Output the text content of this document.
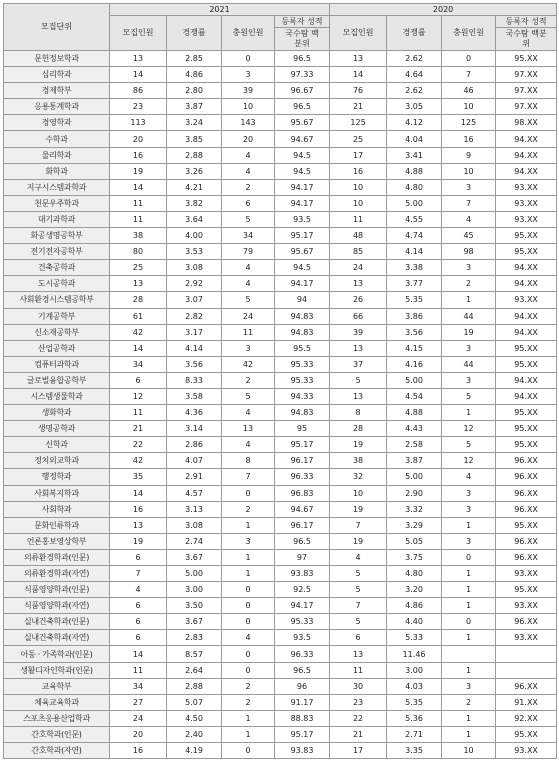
모집단위	2021				2020			
	모집인원	경쟁률	충원인원	등록자 성적	모집인원	경쟁률	충원인원	등록자 성적
				국수탐 백분위				국수탐 백분위
문헌정보학과	13	2.85	0	96.5	13	2.62	0	95.XX
심리학과	14	4.86	3	97.33	14	4.64	7	97.XX
경제학부	86	2.80	39	96.67	76	2.62	46	97.XX
응용통계학과	23	3.87	10	96.5	21	3.05	10	97.XX
경영학과	113	3.24	143	95.67	125	4.12	125	98.XX
수학과	20	3.85	20	94.67	25	4.04	16	94.XX
물리학과	16	2.88	4	94.5	17	3.41	9	94.XX
화학과	19	3.26	4	94.5	16	4.88	10	94.XX
지구시스템과학과	14	4.21	2	94.17	10	4.80	3	93.XX
천문우주학과	11	3.82	6	94.17	10	5.00	7	93.XX
대기과학과	11	3.64	5	93.5	11	4.55	4	93.XX
화공생명공학부	38	4.00	34	95.17	48	4.74	45	95.XX
전기전자공학부	80	3.53	79	95.67	85	4.14	98	95.XX
건축공학과	25	3.08	4	94.5	24	3.38	3	94.XX
도시공학과	13	2.92	4	94.17	13	3.77	2	94.XX
사회환경시스템공학부	28	3.07	5	94	26	5.35	1	93.XX
기계공학부	61	2.82	24	94.83	66	3.86	44	94.XX
신소재공학부	42	3.17	11	94.83	39	3.56	19	94.XX
산업공학과	14	4.14	3	95.5	13	4.15	3	95.XX
컴퓨터과학과	34	3.56	42	95.33	37	4.16	44	95.XX
글로벌융합공학부	6	8.33	2	95.33	5	5.00	3	94.XX
시스템생물학과	12	3.58	5	94.33	13	4.54	5	94.XX
생화학과	11	4.36	4	94.83	8	4.88	1	95.XX
생명공학과	21	3.14	13	95	28	4.43	12	95.XX
신학과	22	2.86	4	95.17	19	2.58	5	95.XX
정치외교학과	42	4.07	8	96.17	38	3.87	12	96.XX
행정학과	35	2.91	7	96.33	32	5.00	4	96.XX
사회복지학과	14	4.57	0	96.83	10	2.90	3	96.XX
사회학과	16	3.13	2	94.67	19	3.32	3	96.XX
문화인류학과	13	3.08	1	96.17	7	3.29	1	95.XX
언론홍보영상학부	19	2.74	3	96.5	19	5.05	3	96.XX
의류환경학과(인문)	6	3.67	1	97	4	3.75	0	96.XX
의류환경학과(자연)	7	5.00	1	93.83	5	4.80	1	93.XX
식품영양학과(인문)	4	3.00	0	92.5	5	3.20	1	95.XX
식품영양학과(자연)	6	3.50	0	94.17	7	4.86	1	93.XX
실내건축학과(인문)	6	3.67	0	95.33	5	4.40	0	96.XX
실내건축학과(자연)	6	2.83	4	93.5	6	5.33	1	93.XX
아동 · 가족학과(인문)	14	8.57	0	96.33	13	11.46		
생활디자인학과(인문)	11	2.64	0	96.5	11	3.00	1	
교육학부	34	2.88	2	96	30	4.03	3	96.XX
체육교육학과	27	5.07	2	91.17	23	5.35	2	91.XX
스포츠응용산업학과	24	4.50	1	88.83	22	5.36	1	92.XX
간호학과(인문)	20	2.40	1	95.17	21	2.71	1	95.XX
간호학과(자연)	16	4.19	0	93.83	17	3.35	10	93.XX
